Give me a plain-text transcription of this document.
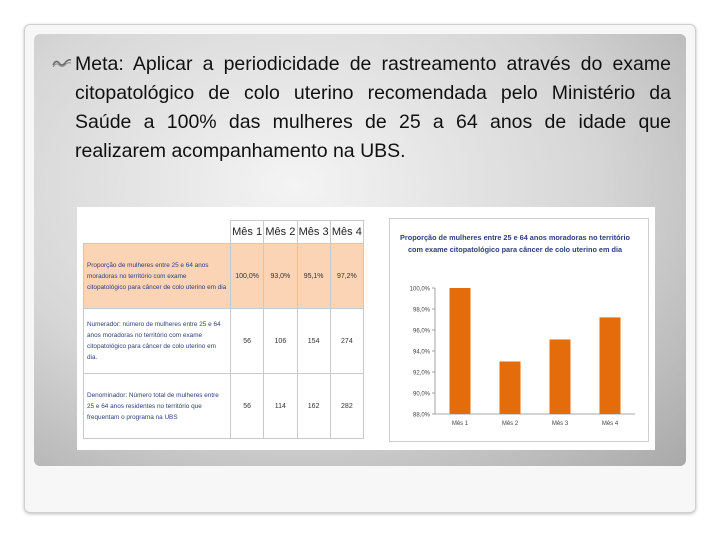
Meta: Aplicar a periodicidade de rastreamento através do exame citopatológico de colo uterino recomendada pelo Ministério da Saúde a 100% das mulheres de 25 a 64 anos de idade que realizarem acompanhamento na UBS.
	Mês 1	Mês 2	Mês 3	Mês 4
Proporção de mulheres entre 25 e 64 anos moradoras no território com exame citopatológico para câncer de colo uterino em dia	100,0%	93,0%	95,1%	97,2%
Numerador: número de mulheres entre 25 e 64 anos moradoras no território com exame citopatológico para câncer de colo uterino em dia.	56	106	154	274
Denominador: Número total de mulheres entre 25 e 64 anos residentes no território que frequentam o programa na UBS	56	114	162	282
Proporção de mulheres entre 25 e 64 anos moradoras no território com exame citopatológico para câncer de colo uterino em dia
88,0%
90,0%
92,0%
94,0%
96,0%
98,0%
100,0%
Mês 1	Mês 2	Mês 3	Mês 4
